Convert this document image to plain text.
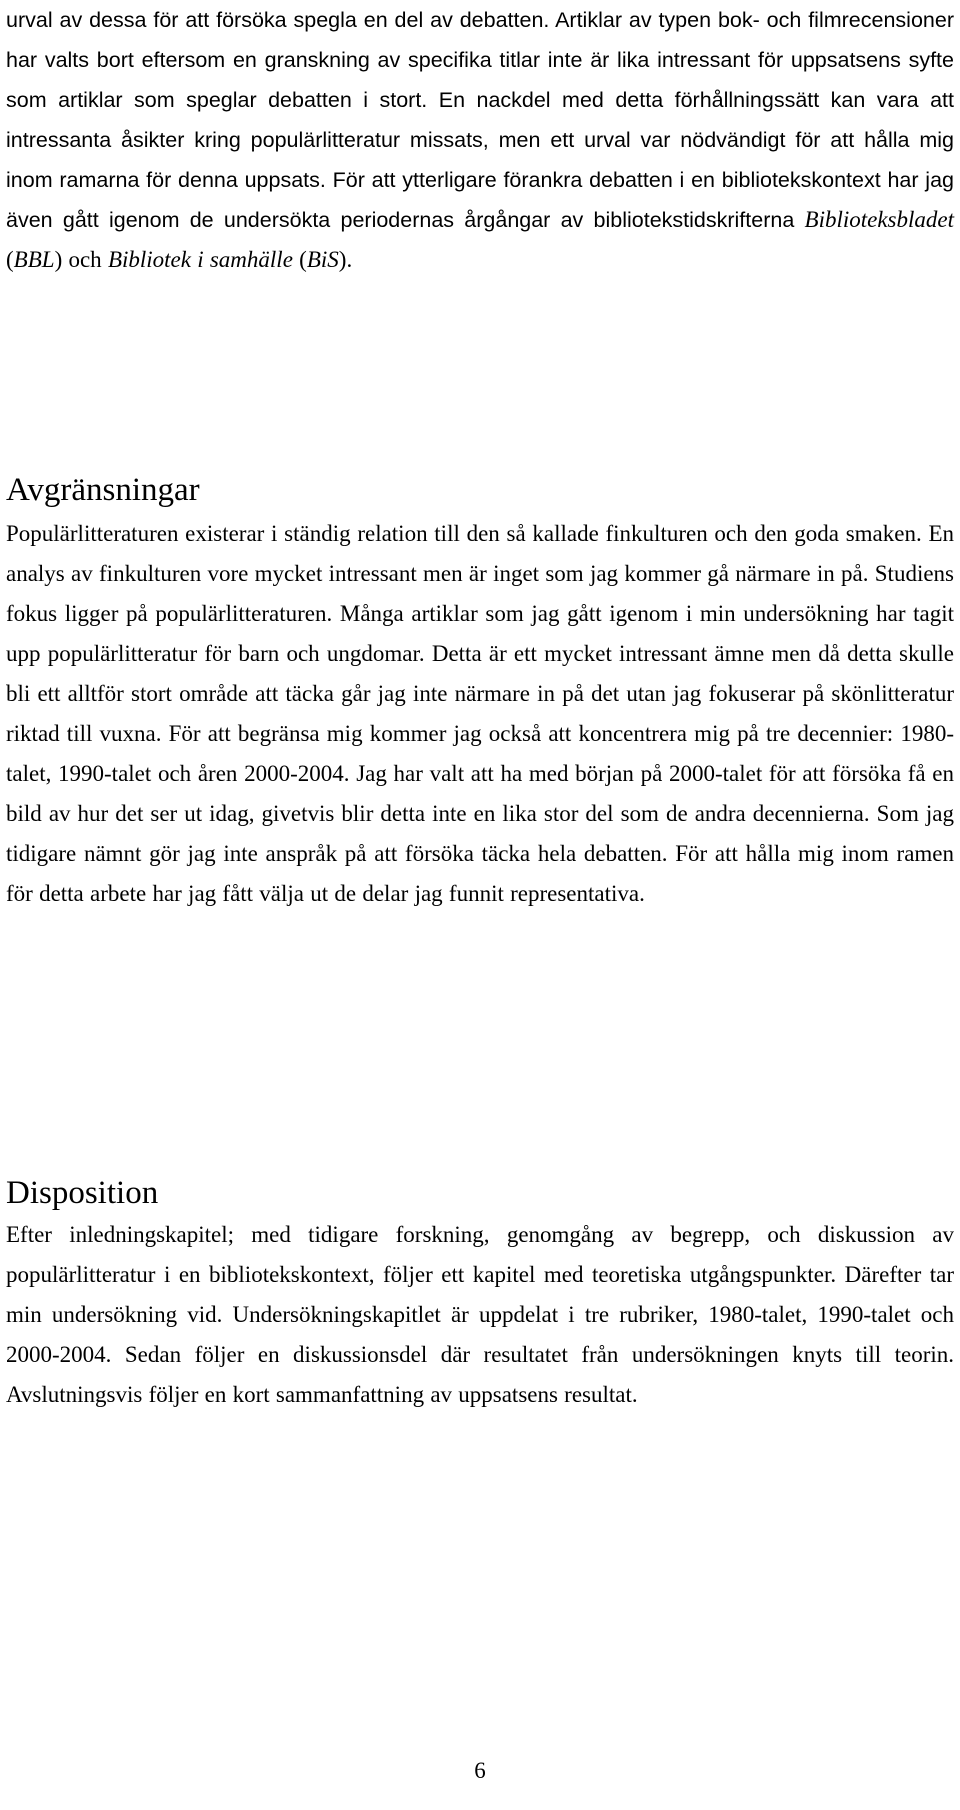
urval av dessa för att försöka spegla en del av debatten. Artiklar av typen bok- och filmrecensioner har valts bort eftersom en granskning av specifika titlar inte är lika intressant för uppsatsens syfte som artiklar som speglar debatten i stort. En nackdel med detta förhållningssätt kan vara att intressanta åsikter kring populärlitteratur missats, men ett urval var nödvändigt för att hålla mig inom ramarna för denna uppsats. För att ytterligare förankra debatten i en bibliotekskontext har jag även gått igenom de undersökta periodernas årgångar av bibliotekstidskrifterna Biblioteksbladet (BBL) och Bibliotek i samhälle (BiS).

Avgränsningar

Populärlitteraturen existerar i ständig relation till den så kallade finkulturen och den goda smaken. En analys av finkulturen vore mycket intressant men är inget som jag kommer gå närmare in på. Studiens fokus ligger på populärlitteraturen. Många artiklar som jag gått igenom i min undersökning har tagit upp populärlitteratur för barn och ungdomar. Detta är ett mycket intressant ämne men då detta skulle bli ett alltför stort område att täcka går jag inte närmare in på det utan jag fokuserar på skönlitteratur riktad till vuxna. För att begränsa mig kommer jag också att koncentrera mig på tre decennier: 1980-talet, 1990-talet och åren 2000-2004. Jag har valt att ha med början på 2000-talet för att försöka få en bild av hur det ser ut idag, givetvis blir detta inte en lika stor del som de andra decennierna. Som jag tidigare nämnt gör jag inte anspråk på att försöka täcka hela debatten. För att hålla mig inom ramen för detta arbete har jag fått välja ut de delar jag funnit representativa.

Disposition

Efter inledningskapitel; med tidigare forskning, genomgång av begrepp, och diskussion av populärlitteratur i en bibliotekskontext, följer ett kapitel med teoretiska utgångspunkter. Därefter tar min undersökning vid. Undersökningskapitlet är uppdelat i tre rubriker, 1980-talet, 1990-talet och 2000-2004. Sedan följer en diskussionsdel där resultatet från undersökningen knyts till teorin. Avslutningsvis följer en kort sammanfattning av uppsatsens resultat.

6
